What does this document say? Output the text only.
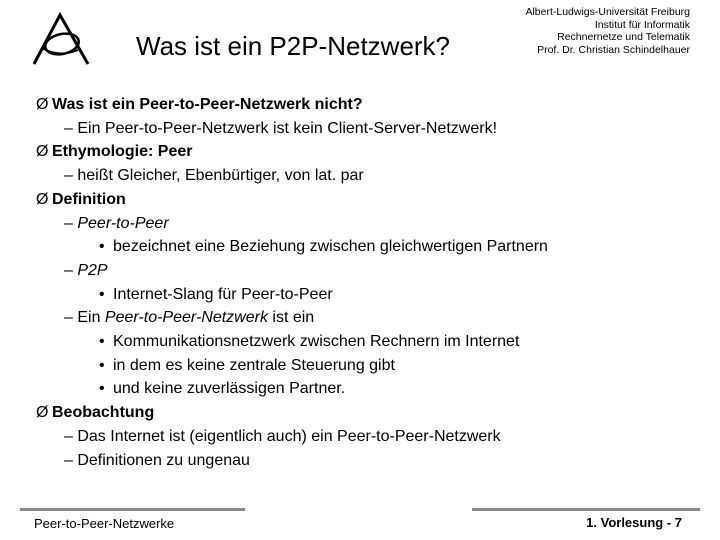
Was ist ein P2P-Netzwerk?
Albert-Ludwigs-Universität Freiburg
Institut für Informatik
Rechnernetze und Telematik
Prof. Dr. Christian Schindelhauer
Ø Was ist ein Peer-to-Peer-Netzwerk nicht?
– Ein Peer-to-Peer-Netzwerk ist kein Client-Server-Netzwerk!
Ø Ethymologie: Peer
– heißt Gleicher, Ebenbürtiger, von lat. par
Ø Definition
– Peer-to-Peer
• bezeichnet eine Beziehung zwischen gleichwertigen Partnern
– P2P
• Internet-Slang für Peer-to-Peer
– Ein Peer-to-Peer-Netzwerk ist ein
• Kommunikationsnetzwerk zwischen Rechnern im Internet
• in dem es keine zentrale Steuerung gibt
• und keine zuverlässigen Partner.
Ø Beobachtung
– Das Internet ist (eigentlich auch) ein Peer-to-Peer-Netzwerk
– Definitionen zu ungenau
Peer-to-Peer-Netzwerke	1. Vorlesung - 7
